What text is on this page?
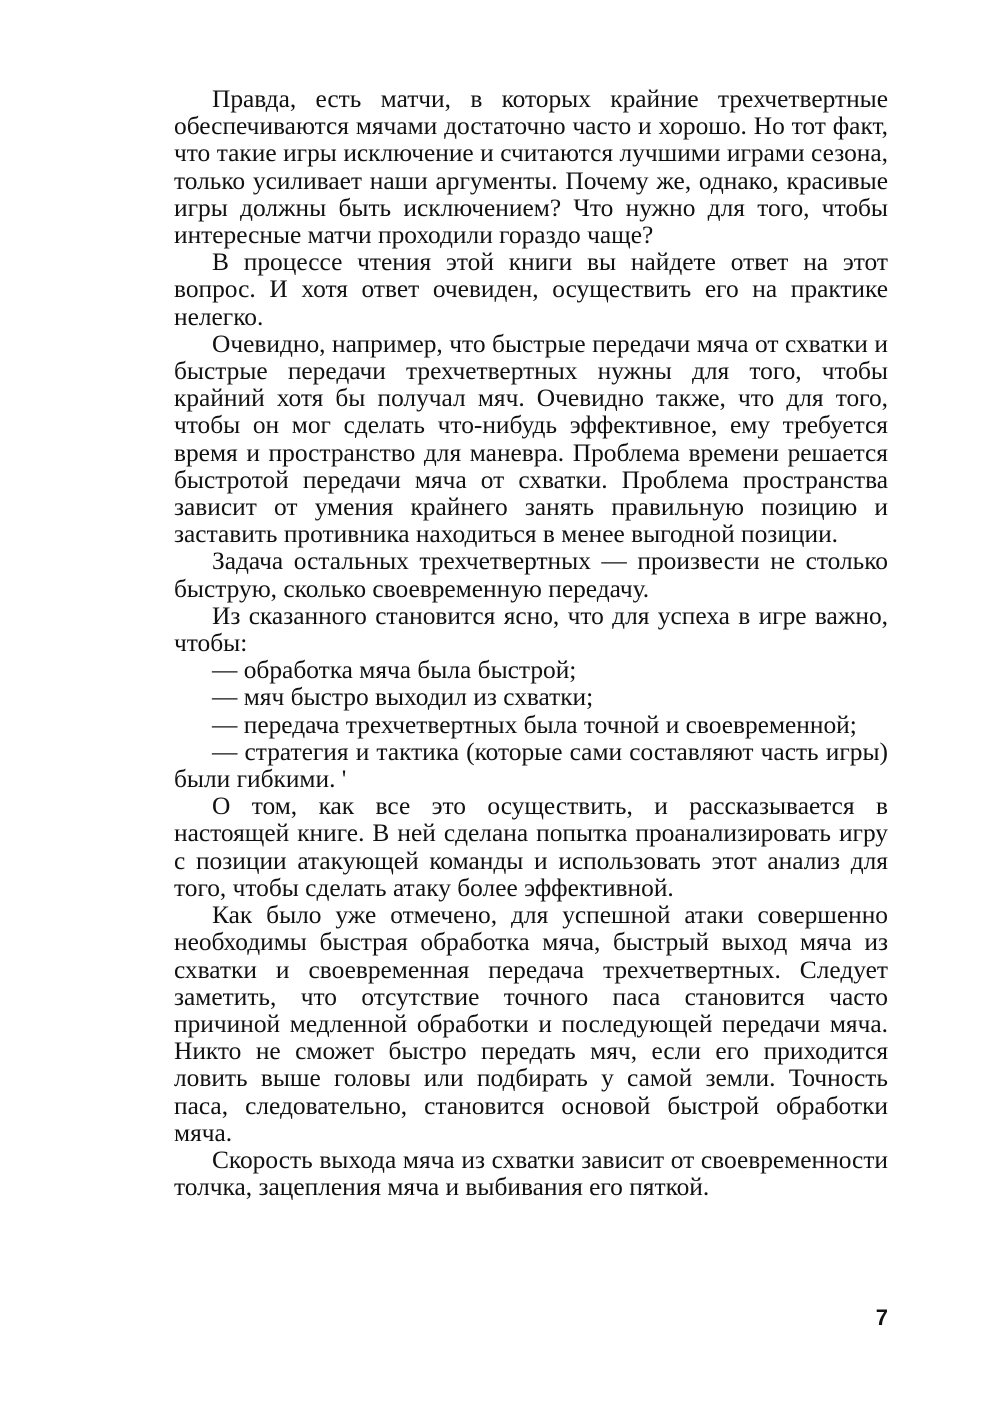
Правда, есть матчи, в которых крайние трехчетвертные обеспечиваются мячами достаточно часто и хорошо. Но тот факт, что такие игры исключение и считаются лучшими играми сезона, только усиливает наши аргументы. Почему же, однако, красивые игры должны быть исключением? Что нужно для того, чтобы интересные матчи проходили гораздо чаще?

В процессе чтения этой книги вы найдете ответ на этот вопрос. И хотя ответ очевиден, осуществить его на практике нелегко.

Очевидно, например, что быстрые передачи мяча от схватки и быстрые передачи трехчетвертных нужны для того, чтобы крайний хотя бы получал мяч. Очевидно также, что для того, чтобы он мог сделать что-нибудь эффективное, ему требуется время и пространство для маневра. Проблема времени решается быстротой передачи мяча от схватки. Проблема пространства зависит от умения крайнего занять правильную позицию и заставить противника находиться в менее выгодной позиции.

Задача остальных трехчетвертных — произвести не столько быструю, сколько своевременную передачу.

Из сказанного становится ясно, что для успеха в игре важно, чтобы:

— обработка мяча была быстрой;

— мяч быстро выходил из схватки;

— передача трехчетвертных была точной и своевременной;

— стратегия и тактика (которые сами составляют часть игры) были гибкими. '

О том, как все это осуществить, и рассказывается в настоящей книге. В ней сделана попытка проанализировать игру с позиции атакующей команды и использовать этот анализ для того, чтобы сделать атаку более эффективной.

Как было уже отмечено, для успешной атаки совершенно необходимы быстрая обработка мяча, быстрый выход мяча из схватки и своевременная передача трехчетвертных. Следует заметить, что отсутствие точного паса становится часто причиной медленной обработки и последующей передачи мяча. Никто не сможет быстро передать мяч, если его приходится ловить выше головы или подбирать у самой земли. Точность паса, следовательно, становится основой быстрой обработки мяча.

Скорость выхода мяча из схватки зависит от своевременности толчка, зацепления мяча и выбивания его пяткой.

7
